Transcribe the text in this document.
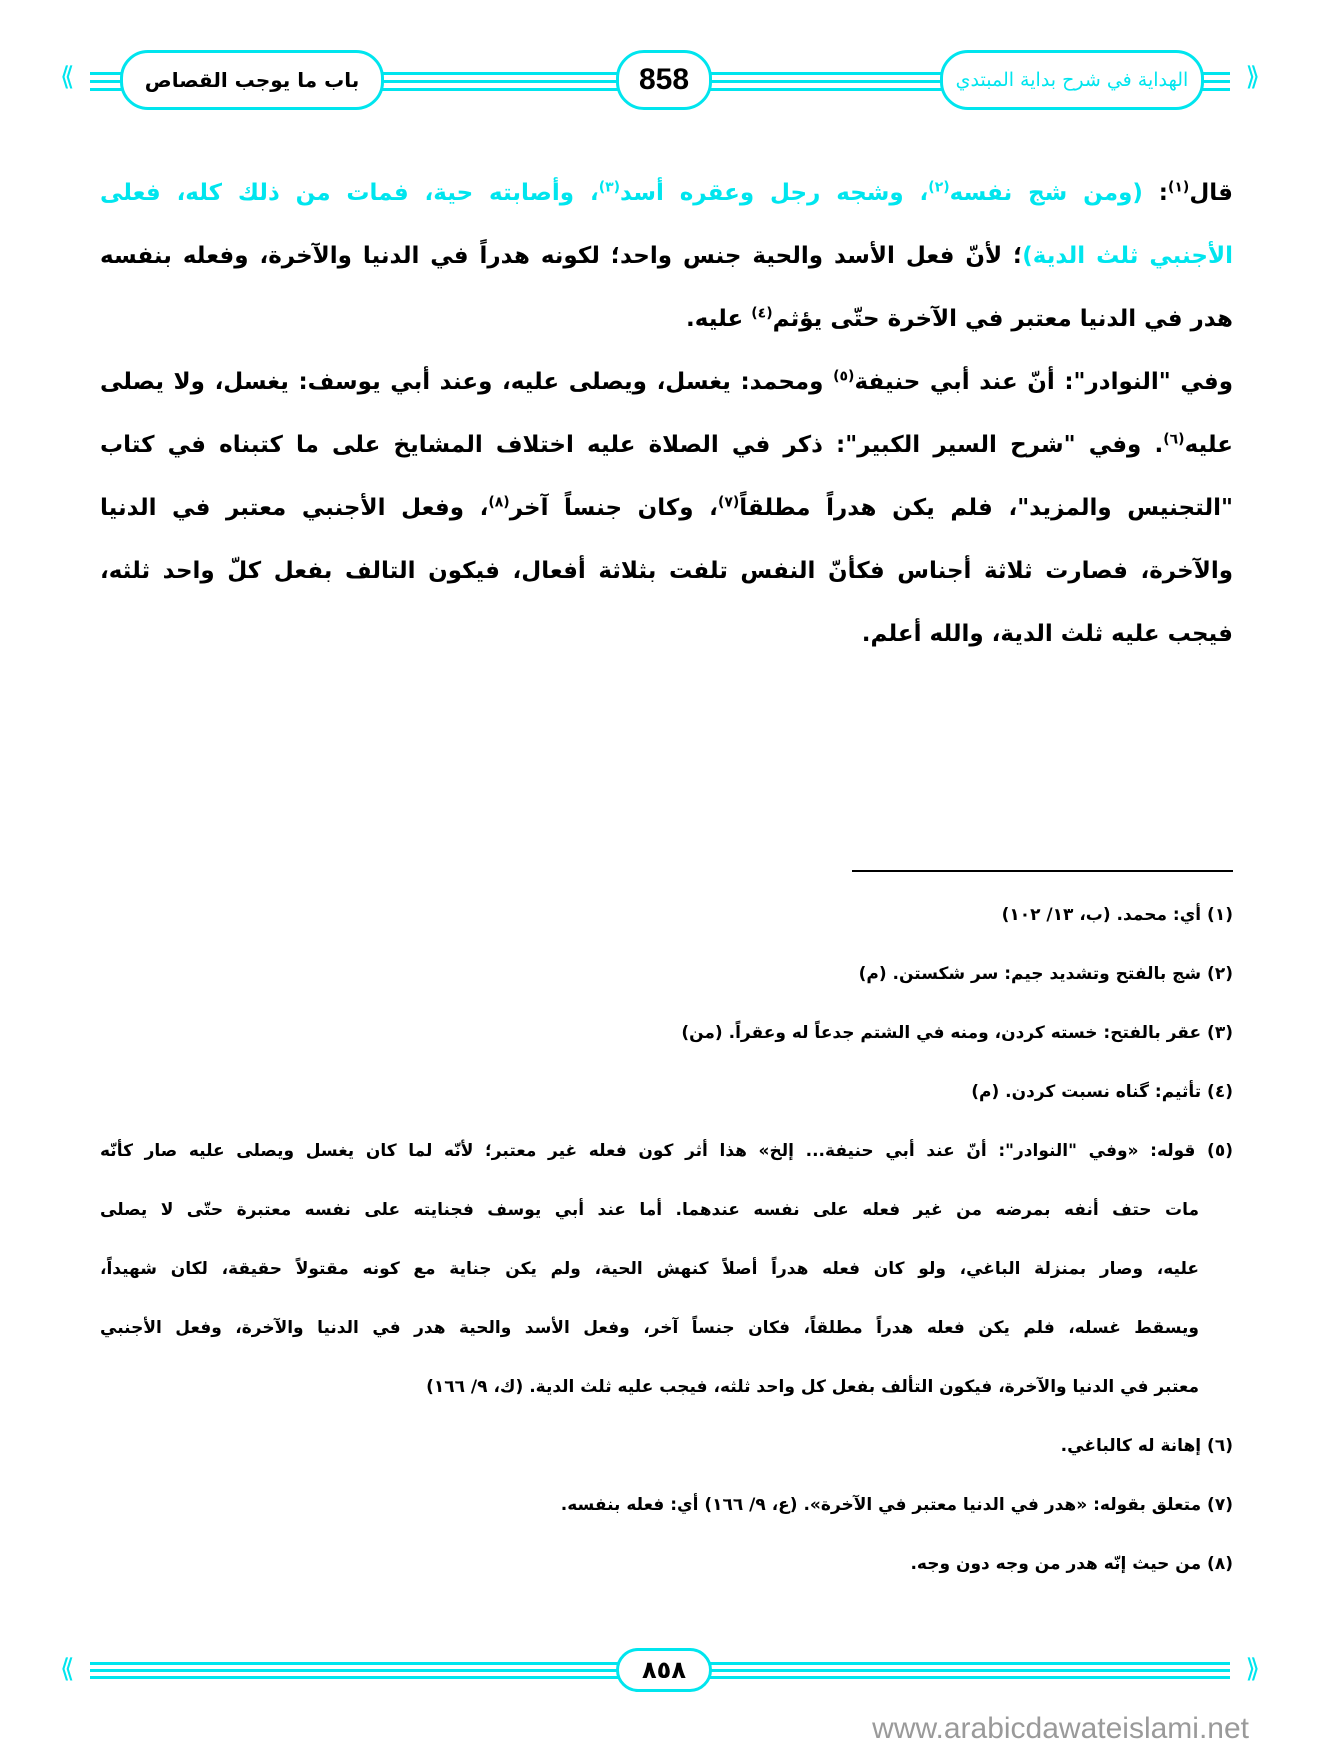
⟪	⟫
باب ما يوجب القصاص	858	الهداية في شرح بداية المبتدي
قال$^{(١)}$: (ومن شج نفسه$^{(٢)}$، وشجه رجل وعقره أسد$^{(٣)}$، وأصابته حية، فمات من ذلك كله، فعلى
الأجنبي ثلث الدية)؛ لأنّ فعل الأسد والحية جنس واحد؛ لكونه هدراً في الدنيا والآخرة، وفعله بنفسه
هدر في الدنيا معتبر في الآخرة حتّى يؤثم$^{(٤)}$ عليه.
وفي "النوادر": أنّ عند أبي حنيفة$^{(٥)}$ ومحمد: يغسل، ويصلى عليه، وعند أبي يوسف: يغسل، ولا يصلى
عليه$^{(٦)}$. وفي "شرح السير الكبير": ذكر في الصلاة عليه اختلاف المشايخ على ما كتبناه في كتاب
"التجنيس والمزيد"، فلم يكن هدراً مطلقاً$^{(٧)}$، وكان جنساً آخر$^{(٨)}$، وفعل الأجنبي معتبر في الدنيا
والآخرة، فصارت ثلاثة أجناس فكأنّ النفس تلفت بثلاثة أفعال، فيكون التالف بفعل كلّ واحد ثلثه،
فيجب عليه ثلث الدية، والله أعلم.
(١) أي: محمد. (ب، ١٣/ ١٠٢)
(٢) شج بالفتح وتشديد جيم: سر شكستن. (م)
(٣) عقر بالفتح: خسته كردن، ومنه في الشتم جدعاً له وعقراً. (من)
(٤) تأثيم: گناه نسبت كردن. (م)
(٥) قوله: «وفي "النوادر": أنّ عند أبي حنيفة... إلخ» هذا أثر كون فعله غير معتبر؛ لأنّه لما كان يغسل ويصلى عليه صار كأنّه
مات حتف أنفه بمرضه من غير فعله على نفسه عندهما. أما عند أبي يوسف فجنايته على نفسه معتبرة حتّى لا يصلى
عليه، وصار بمنزلة الباغي، ولو كان فعله هدراً أصلاً كنهش الحية، ولم يكن جناية مع كونه مقتولاً حقيقة، لكان شهيداً،
ويسقط غسله، فلم يكن فعله هدراً مطلقاً، فكان جنساً آخر، وفعل الأسد والحية هدر في الدنيا والآخرة، وفعل الأجنبي
معتبر في الدنيا والآخرة، فيكون التألف بفعل كل واحد ثلثه، فيجب عليه ثلث الدية. (ك، ٩/ ١٦٦)
(٦) إهانة له كالباغي.
(٧) متعلق بقوله: «هدر في الدنيا معتبر في الآخرة». (ع، ٩/ ١٦٦) أي: فعله بنفسه.
(٨) من حيث إنّه هدر من وجه دون وجه.
⟪	⟫
٨٥٨
www.arabicdawateislami.net
